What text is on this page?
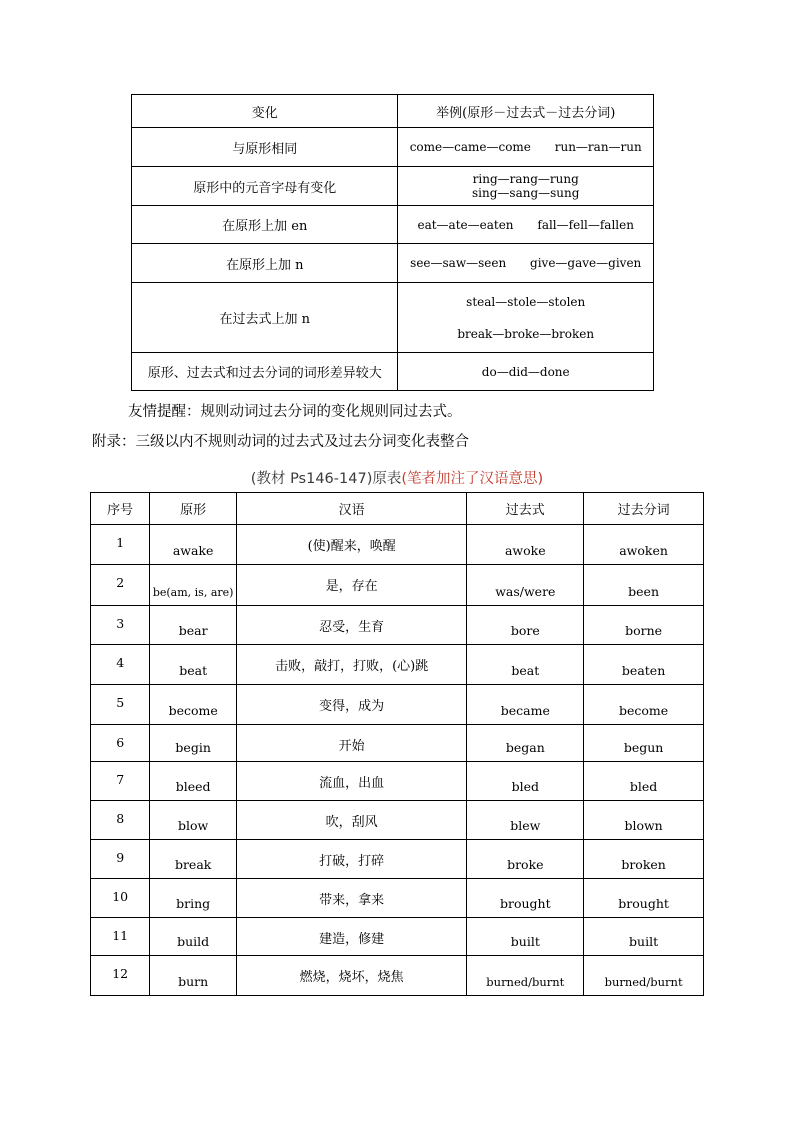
变化	举例(原形－过去式－过去分词)
与原形相同	come—came—come run—ran—run
原形中的元音字母有变化	ring—rang—rung sing—sang—sung
在原形上加 en	eat—ate—eaten fall—fell—fallen
在原形上加 n	see—saw—seen give—gave—given
在过去式上加 n	steal—stole—stolen
break—broke—broken

原形、过去式和过去分词的词形差异较大	do—did—done
友情提醒：规则动词过去分词的变化规则同过去式。
附录：三级以内不规则动词的过去式及过去分词变化表整合
(教材 Ps146-147)原表(笔者加注了汉语意思)
序号	原形	汉语	过去式	过去分词
1	awake	(使)醒来，唤醒	awoke	awoken
2	be(am, is, are)	是，存在	was/were	been
3	bear	忍受，生育	bore	borne
4	beat	击败，敲打，打败，(心)跳	beat	beaten
5	become	变得，成为	became	become
6	begin	开始	began	begun
7	bleed	流血，出血	bled	bled
8	blow	吹，刮风	blew	blown
9	break	打破，打碎	broke	broken
10	bring	带来，拿来	brought	brought
11	build	建造，修建	built	built
12	burn	燃烧，烧坏，烧焦	burned/burnt	burned/burnt
